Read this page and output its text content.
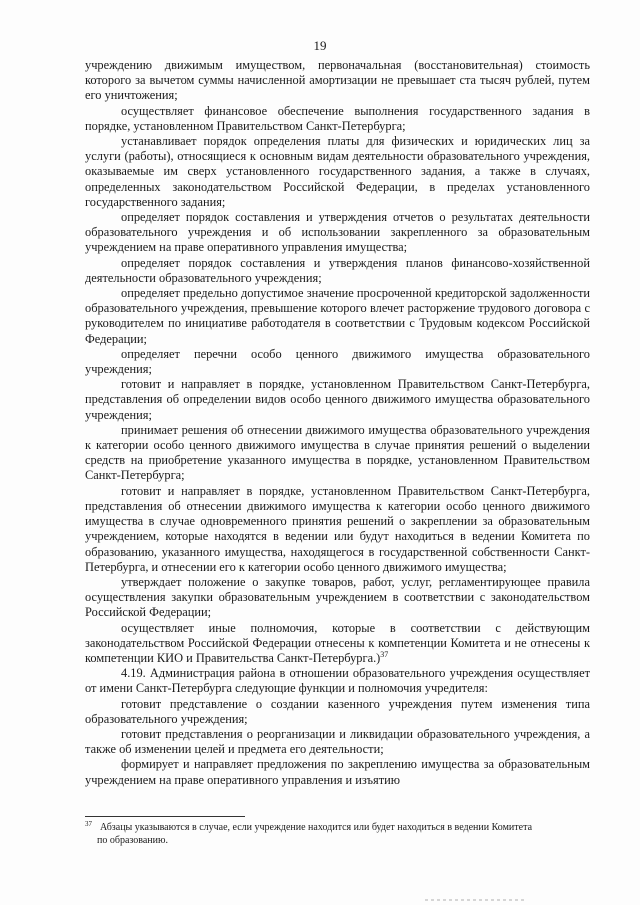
19

учреждению движимым имуществом, первоначальная (восстановительная) стоимость которого за вычетом суммы начисленной амортизации не превышает ста тысяч рублей, путем его уничтожения;

осуществляет финансовое обеспечение выполнения государственного задания в порядке, установленном Правительством Санкт-Петербурга;

устанавливает порядок определения платы для физических и юридических лиц за услуги (работы), относящиеся к основным видам деятельности образовательного учреждения, оказываемые им сверх установленного государственного задания, а также в случаях, определенных законодательством Российской Федерации, в пределах установленного государственного задания;

определяет порядок составления и утверждения отчетов о результатах деятельности образовательного учреждения и об использовании закрепленного за образовательным учреждением на праве оперативного управления имущества;

определяет порядок составления и утверждения планов финансово-хозяйственной деятельности образовательного учреждения;

определяет предельно допустимое значение просроченной кредиторской задолженности образовательного учреждения, превышение которого влечет расторжение трудового договора с руководителем по инициативе работодателя в соответствии с Трудовым кодексом Российской Федерации;

определяет перечни особо ценного движимого имущества образовательного учреждения;

готовит и направляет в порядке, установленном Правительством Санкт-Петербурга, представления об определении видов особо ценного движимого имущества образовательного учреждения;

принимает решения об отнесении движимого имущества образовательного учреждения к категории особо ценного движимого имущества в случае принятия решений о выделении средств на приобретение указанного имущества в порядке, установленном Правительством Санкт-Петербурга;

готовит и направляет в порядке, установленном Правительством Санкт-Петербурга, представления об отнесении движимого имущества к категории особо ценного движимого имущества в случае одновременного принятия решений о закреплении за образовательным учреждением, которые находятся в ведении или будут находиться в ведении Комитета по образованию, указанного имущества, находящегося в государственной собственности Санкт-Петербурга, и отнесении его к категории особо ценного движимого имущества;

утверждает положение о закупке товаров, работ, услуг, регламентирующее правила осуществления закупки образовательным учреждением в соответствии с законодательством Российской Федерации;

осуществляет иные полномочия, которые в соответствии с действующим законодательством Российской Федерации отнесены к компетенции Комитета и не отнесены к компетенции КИО и Правительства Санкт-Петербурга.)$^{37}$

4.19. Администрация района в отношении образовательного учреждения осуществляет от имени Санкт-Петербурга следующие функции и полномочия учредителя:

готовит представление о создании казенного учреждения путем изменения типа образовательного учреждения;

готовит представления о реорганизации и ликвидации образовательного учреждения, а также об изменении целей и предмета его деятельности;

формирует и направляет предложения по закреплению имущества за образовательным учреждением на праве оперативного управления и изъятию

$^{37}$ Абзацы указываются в случае, если учреждение находится или будет находиться в ведении Комитета
по образованию.
